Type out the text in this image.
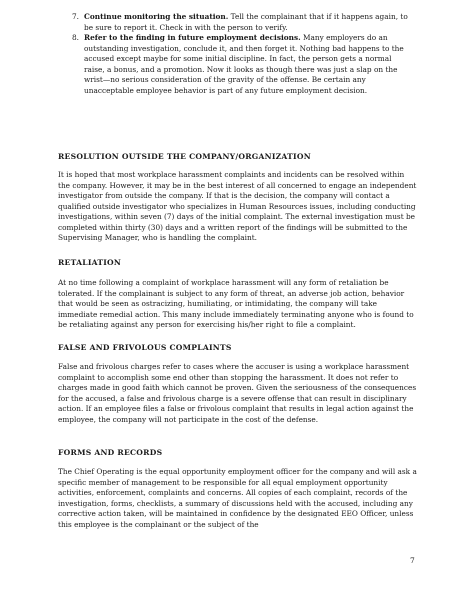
7. Continue monitoring the situation. Tell the complainant that if it happens again, to be sure to report it. Check in with the person to verify.
8. Refer to the finding in future employment decisions. Many employers do an outstanding investigation, conclude it, and then forget it. Nothing bad happens to the accused except maybe for some initial discipline. In fact, the person gets a normal raise, a bonus, and a promotion. Now it looks as though there was just a slap on the wrist—no serious consideration of the gravity of the offense. Be certain any unacceptable employee behavior is part of any future employment decision.
RESOLUTION OUTSIDE THE COMPANY/ORGANIZATION

It is hoped that most workplace harassment complaints and incidents can be resolved within the company. However, it may be in the best interest of all concerned to engage an independent investigator from outside the company. If that is the decision, the company will contact a qualified outside investigator who specializes in Human Resources issues, including conducting investigations, within seven (7) days of the initial complaint. The external investigation must be completed within thirty (30) days and a written report of the findings will be submitted to the Supervising Manager, who is handling the complaint.

RETALIATION

At no time following a complaint of workplace harassment will any form of retaliation be tolerated. If the complainant is subject to any form of threat, an adverse job action, behavior that would be seen as ostracizing, humiliating, or intimidating, the company will take immediate remedial action. This many include immediately terminating anyone who is found to be retaliating against any person for exercising his/her right to file a complaint.

FALSE AND FRIVOLOUS COMPLAINTS

False and frivolous charges refer to cases where the accuser is using a workplace harassment complaint to accomplish some end other than stopping the harassment. It does not refer to charges made in good faith which cannot be proven. Given the seriousness of the consequences for the accused, a false and frivolous charge is a severe offense that can result in disciplinary action. If an employee files a false or frivolous complaint that results in legal action against the employee, the company will not participate in the cost of the defense.

FORMS AND RECORDS

The Chief Operating is the equal opportunity employment officer for the company and will ask a specific member of management to be responsible for all equal employment opportunity activities, enforcement, complaints and concerns. All copies of each complaint, records of the investigation, forms, checklists, a summary of discussions held with the accused, including any corrective action taken, will be maintained in confidence by the designated EEO Officer, unless this employee is the complainant or the subject of the

7
